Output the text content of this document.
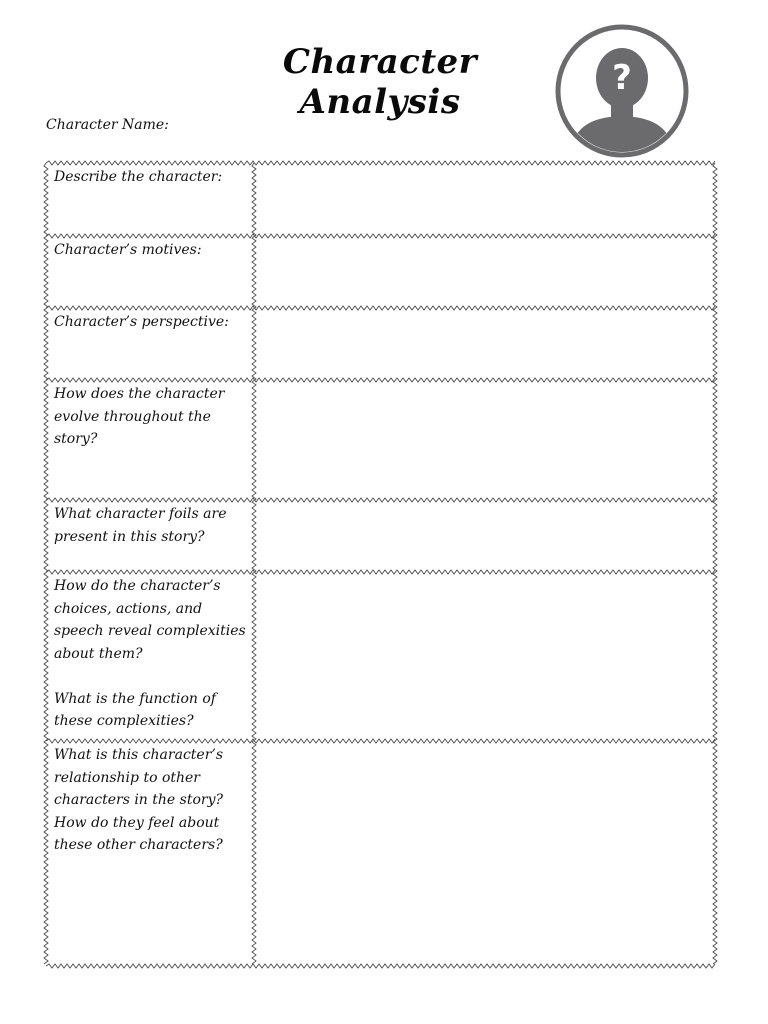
Character Analysis
?
Character Name:
Describe the character:
Character’s motives:
Character’s perspective:
How does the character
evolve throughout the
story?
What character foils are
present in this story?
How do the character’s
choices, actions, and
speech reveal complexities
about them?

What is the function of
these complexities?
What is this character’s
relationship to other
characters in the story?
How do they feel about
these other characters?
